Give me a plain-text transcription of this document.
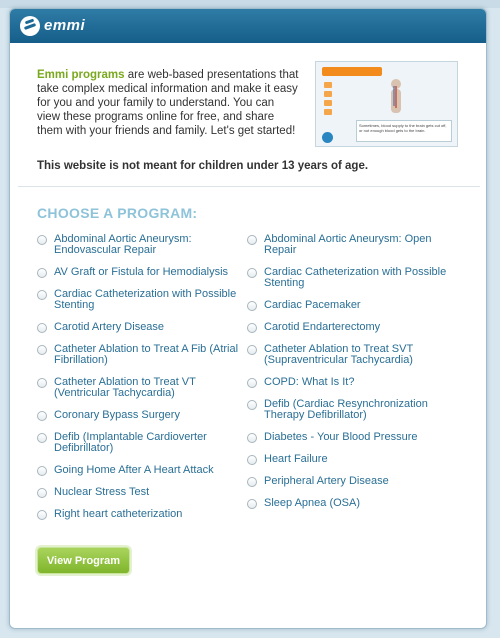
emmi

Emmi programs are web-based presentations that take complex medical information and make it easy for you and your family to understand. You can view these programs online for free, and share them with your friends and family. Let's get started!	Sometimes, blood supply to the brain gets cut off, or not enough blood gets to the brain.
This website is not meant for children under 13 years of age.
CHOOSE A PROGRAM:
Abdominal Aortic Aneurysm: Endovascular Repair
AV Graft or Fistula for Hemodialysis
Cardiac Catheterization with Possible Stenting
Carotid Artery Disease
Catheter Ablation to Treat A Fib (Atrial Fibrillation)
Catheter Ablation to Treat VT (Ventricular Tachycardia)
Coronary Bypass Surgery
Defib (Implantable Cardioverter Defibrillator)
Going Home After A Heart Attack
Nuclear Stress Test
Right heart catheterization
Abdominal Aortic Aneurysm: Open Repair
Cardiac Catheterization with Possible Stenting
Cardiac Pacemaker
Carotid Endarterectomy
Catheter Ablation to Treat SVT (Supraventricular Tachycardia)
COPD: What Is It?
Defib (Cardiac Resynchronization Therapy Defibrillator)
Diabetes - Your Blood Pressure
Heart Failure
Peripheral Artery Disease
Sleep Apnea (OSA)
View Program
